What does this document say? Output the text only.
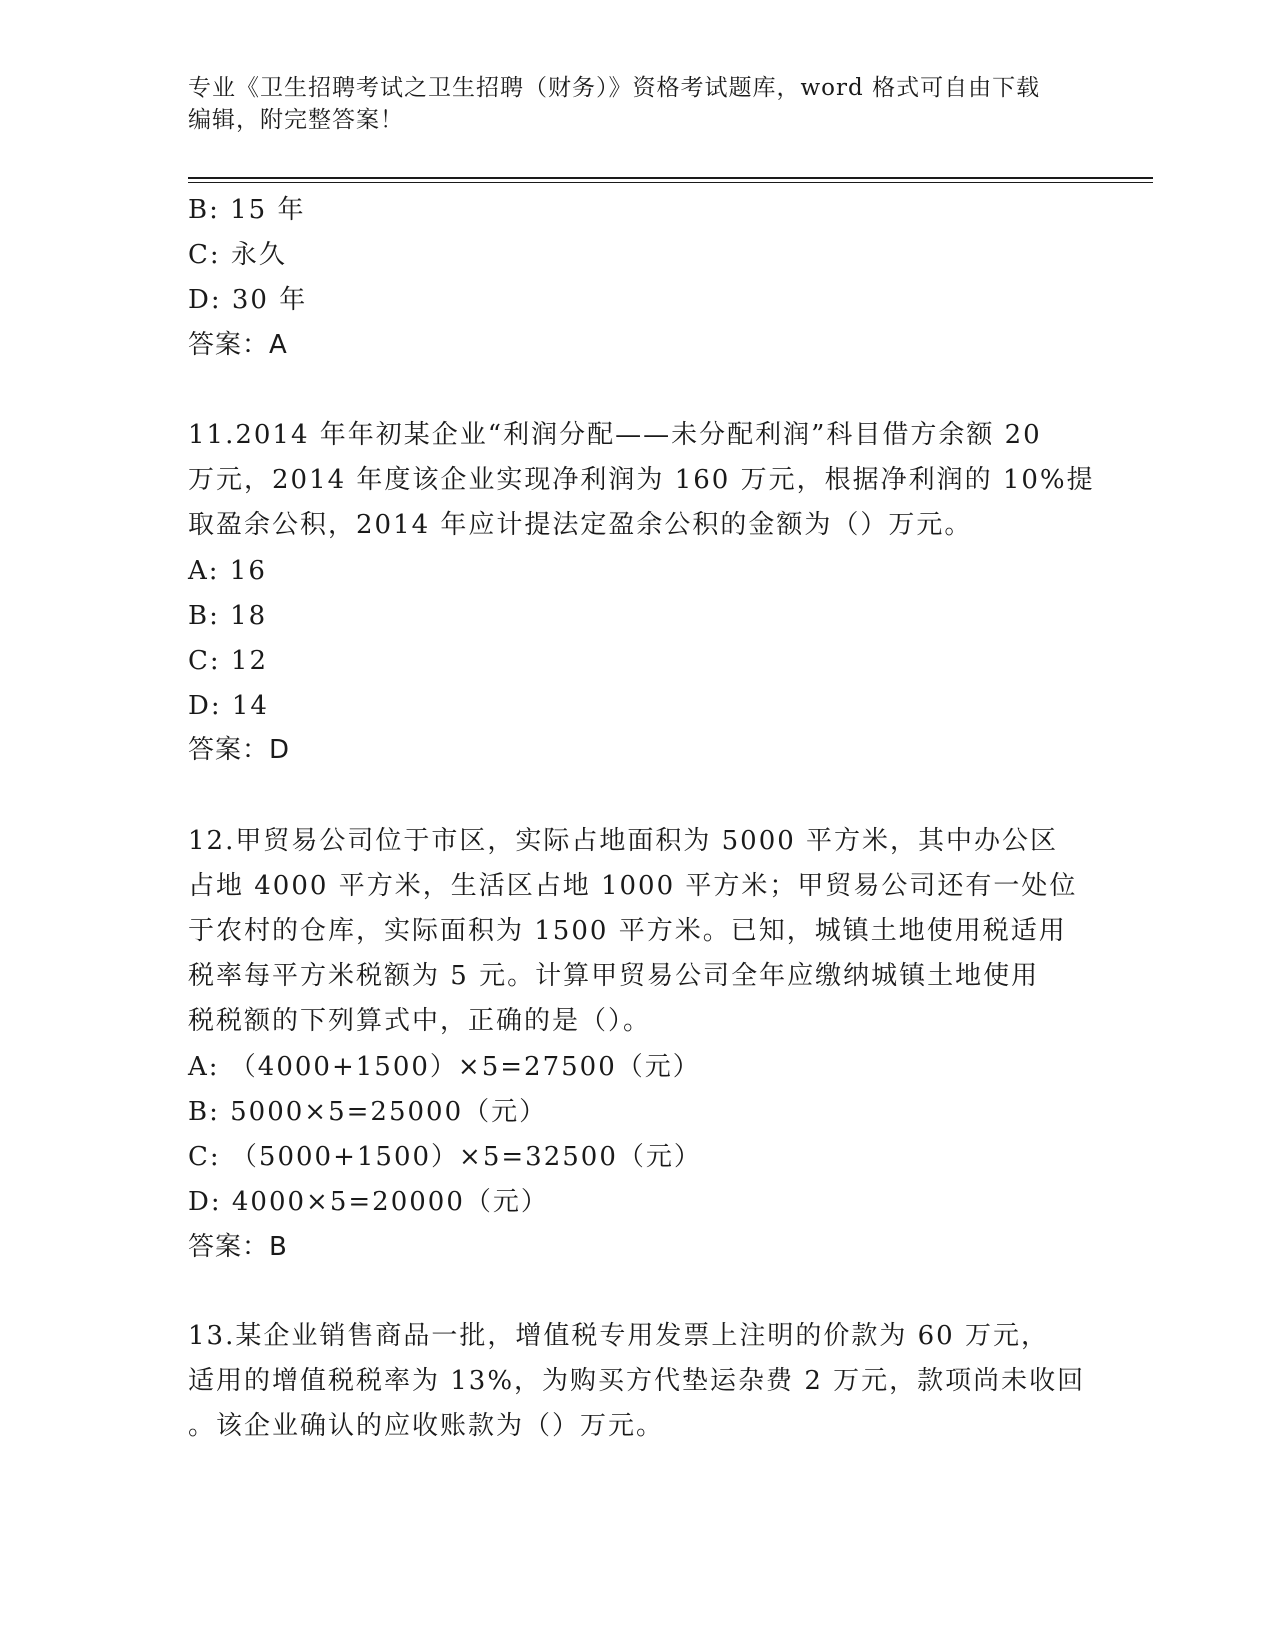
专业《卫生招聘考试之卫生招聘（财务）》资格考试题库，word 格式可自由下载
编辑，附完整答案！
B: 15 年
C: 永久
D: 30 年
答案：A
11.2014 年年初某企业“利润分配——未分配利润”科目借方余额 20
万元，2014 年度该企业实现净利润为 160 万元，根据净利润的 10%提
取盈余公积，2014 年应计提法定盈余公积的金额为（）万元。
A: 16
B: 18
C: 12
D: 14
答案：D
12.甲贸易公司位于市区，实际占地面积为 5000 平方米，其中办公区
占地 4000 平方米，生活区占地 1000 平方米；甲贸易公司还有一处位
于农村的仓库，实际面积为 1500 平方米。已知，城镇土地使用税适用
税率每平方米税额为 5 元。计算甲贸易公司全年应缴纳城镇土地使用
税税额的下列算式中，正确的是（）。
A: （4000+1500）×5=27500（元）
B: 5000×5=25000（元）
C: （5000+1500）×5=32500（元）
D: 4000×5=20000（元）
答案：B
13.某企业销售商品一批，增值税专用发票上注明的价款为 60 万元，
适用的增值税税率为 13%，为购买方代垫运杂费 2 万元，款项尚未收回
。该企业确认的应收账款为（）万元。
